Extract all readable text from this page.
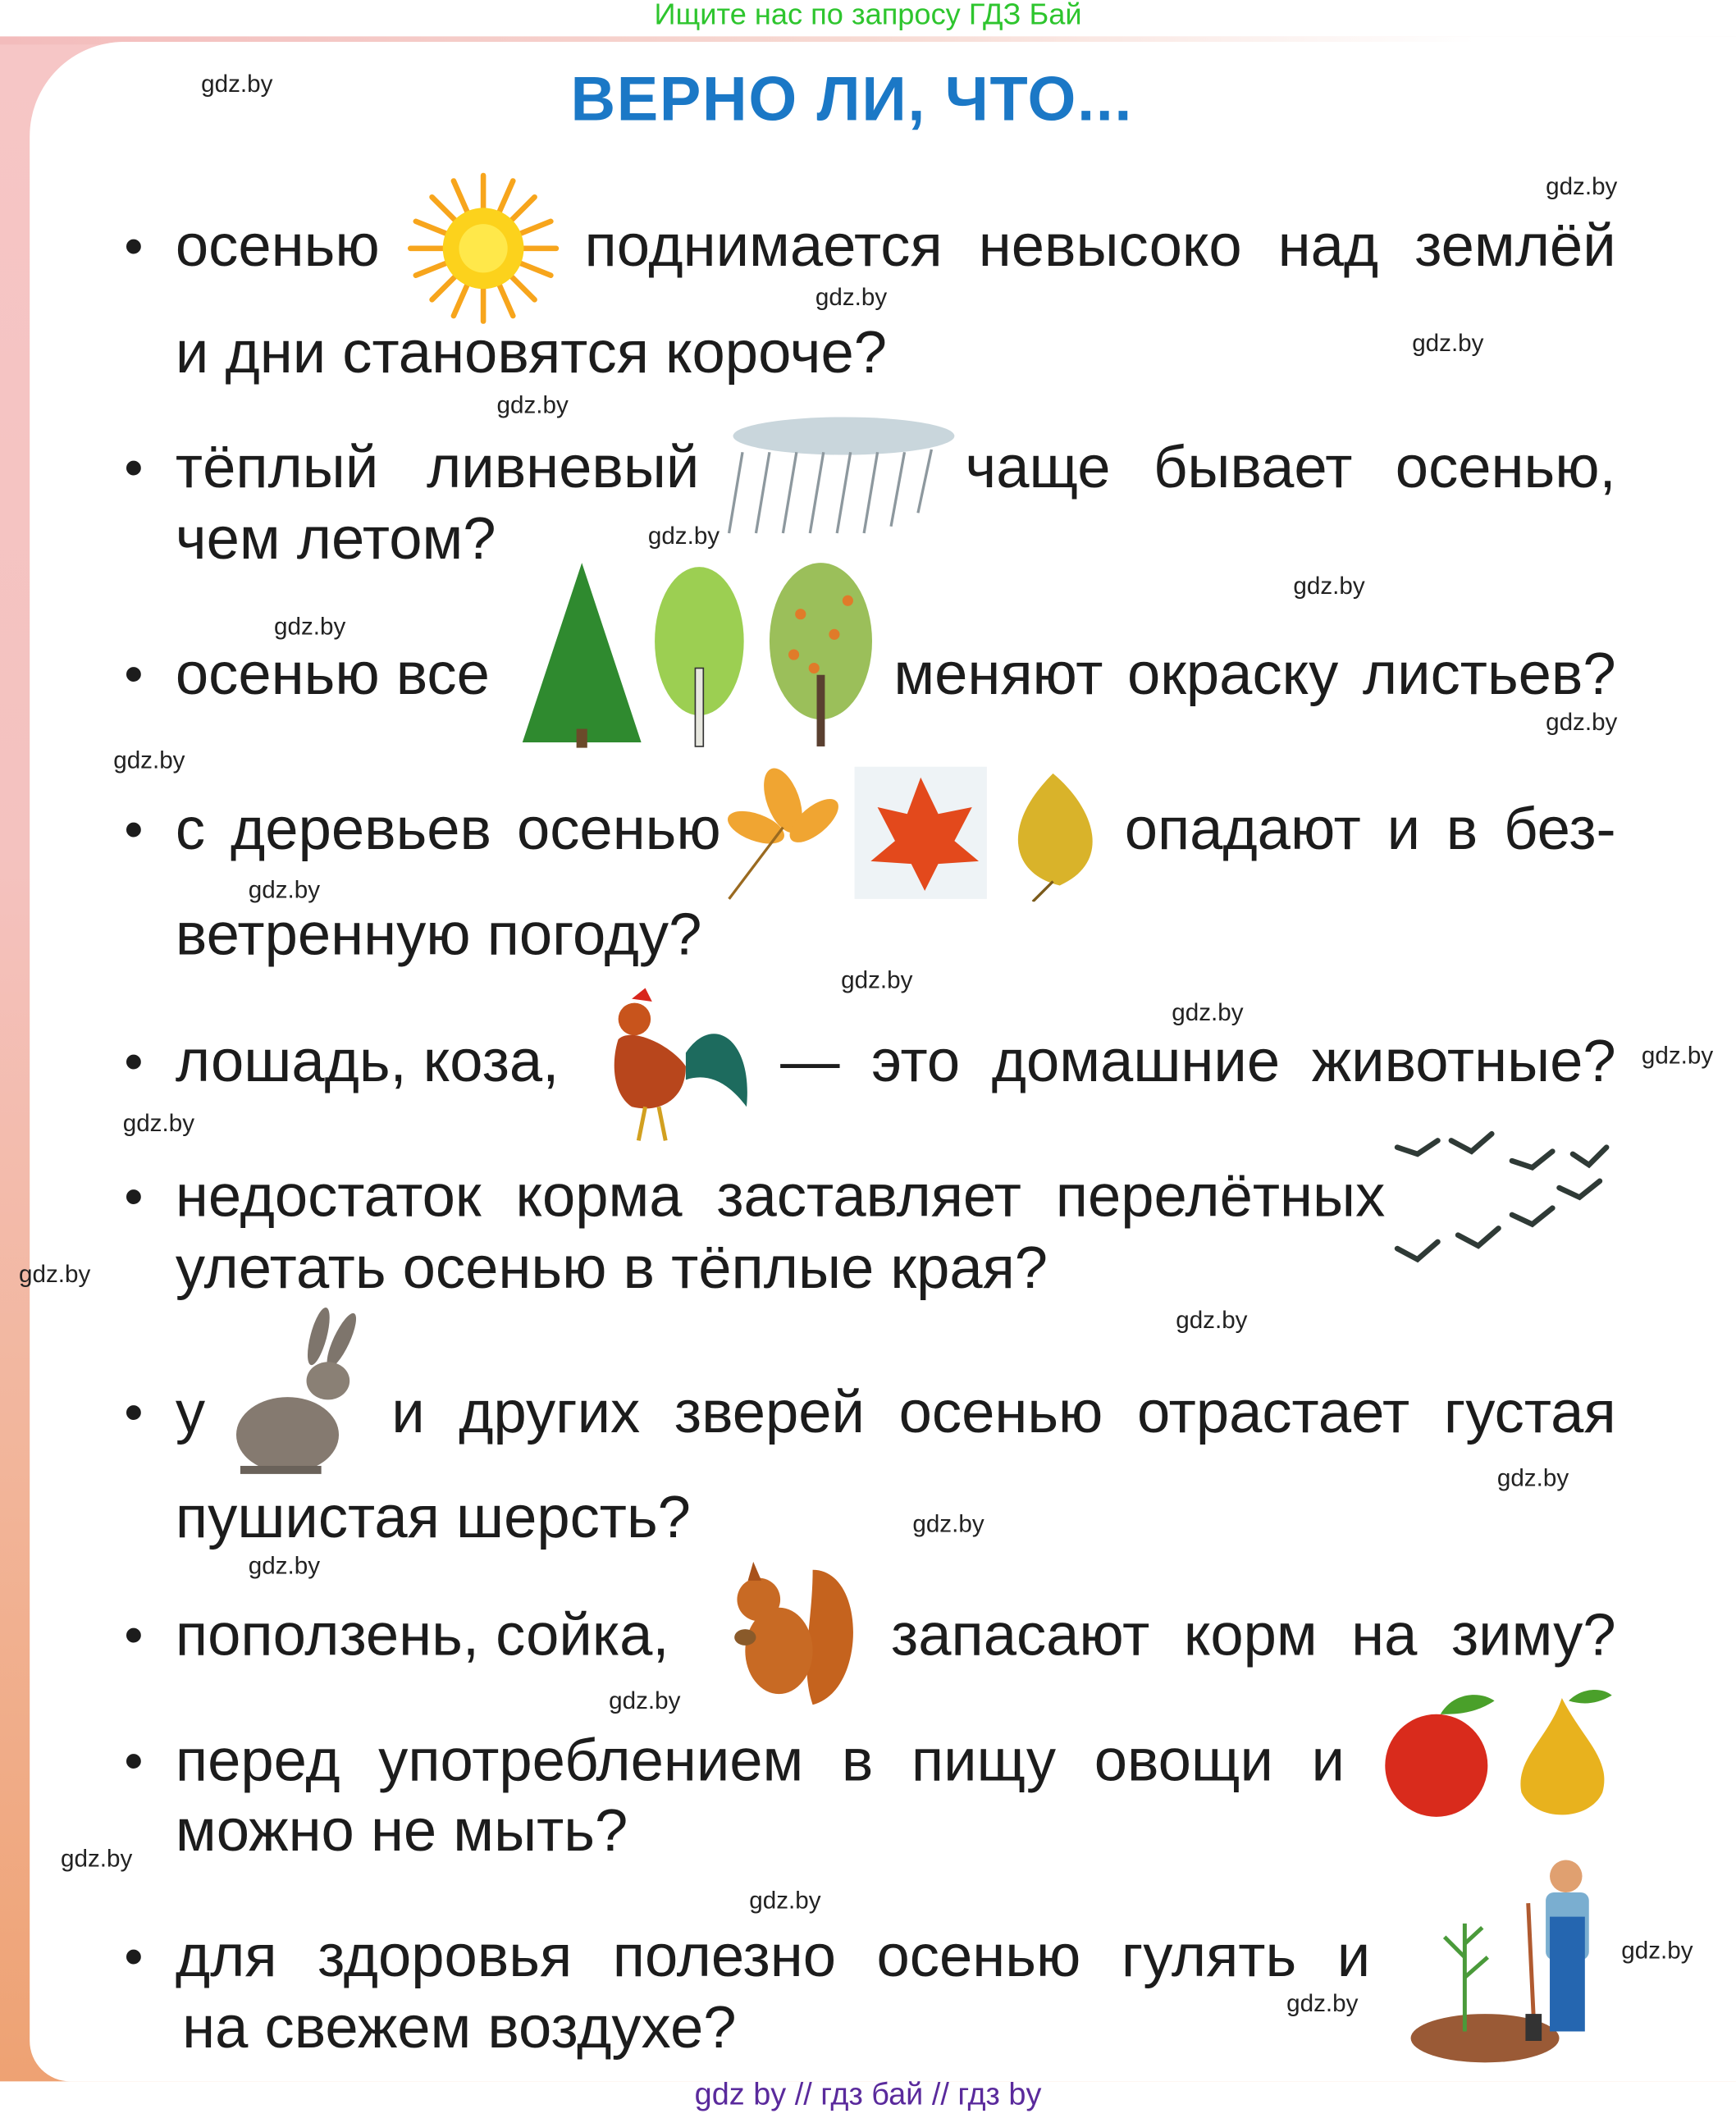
Ищите нас по запросу ГДЗ Бай
ВЕРНО ЛИ, ЧТО...
• осенью	поднимается невысоко над землёй
и дни становятся короче?
• тёплый ливневый	чаще бывает осенью,
чем летом?
• осенью все	меняют окраску листьев?
• с деревьев осенью	опадают и в без-
ветренную погоду?
• лошадь, коза,	— это домашние животные?
• недостаток корма заставляет перелётных
улетать осенью в тёплые края?
• у	и других зверей осенью отрастает густая
пушистая шерсть?
• поползень, сойка,	запасают корм на зиму?
• перед употреблением в пищу овощи и
можно не мыть?
• для здоровья полезно осенью гулять и
на свежем воздухе?
gdz.by
gdz.by
gdz.by
gdz.by
gdz.by
gdz.by
gdz.by
gdz.by
gdz.by
gdz.by
gdz.by
gdz.by
gdz.by
gdz.by
gdz.by
gdz.by
gdz.by
gdz.by
gdz.by
gdz.by
gdz.by
gdz.by
gdz.by
gdz.by
gdz.by
gdz by // гдз бай // гдз by
